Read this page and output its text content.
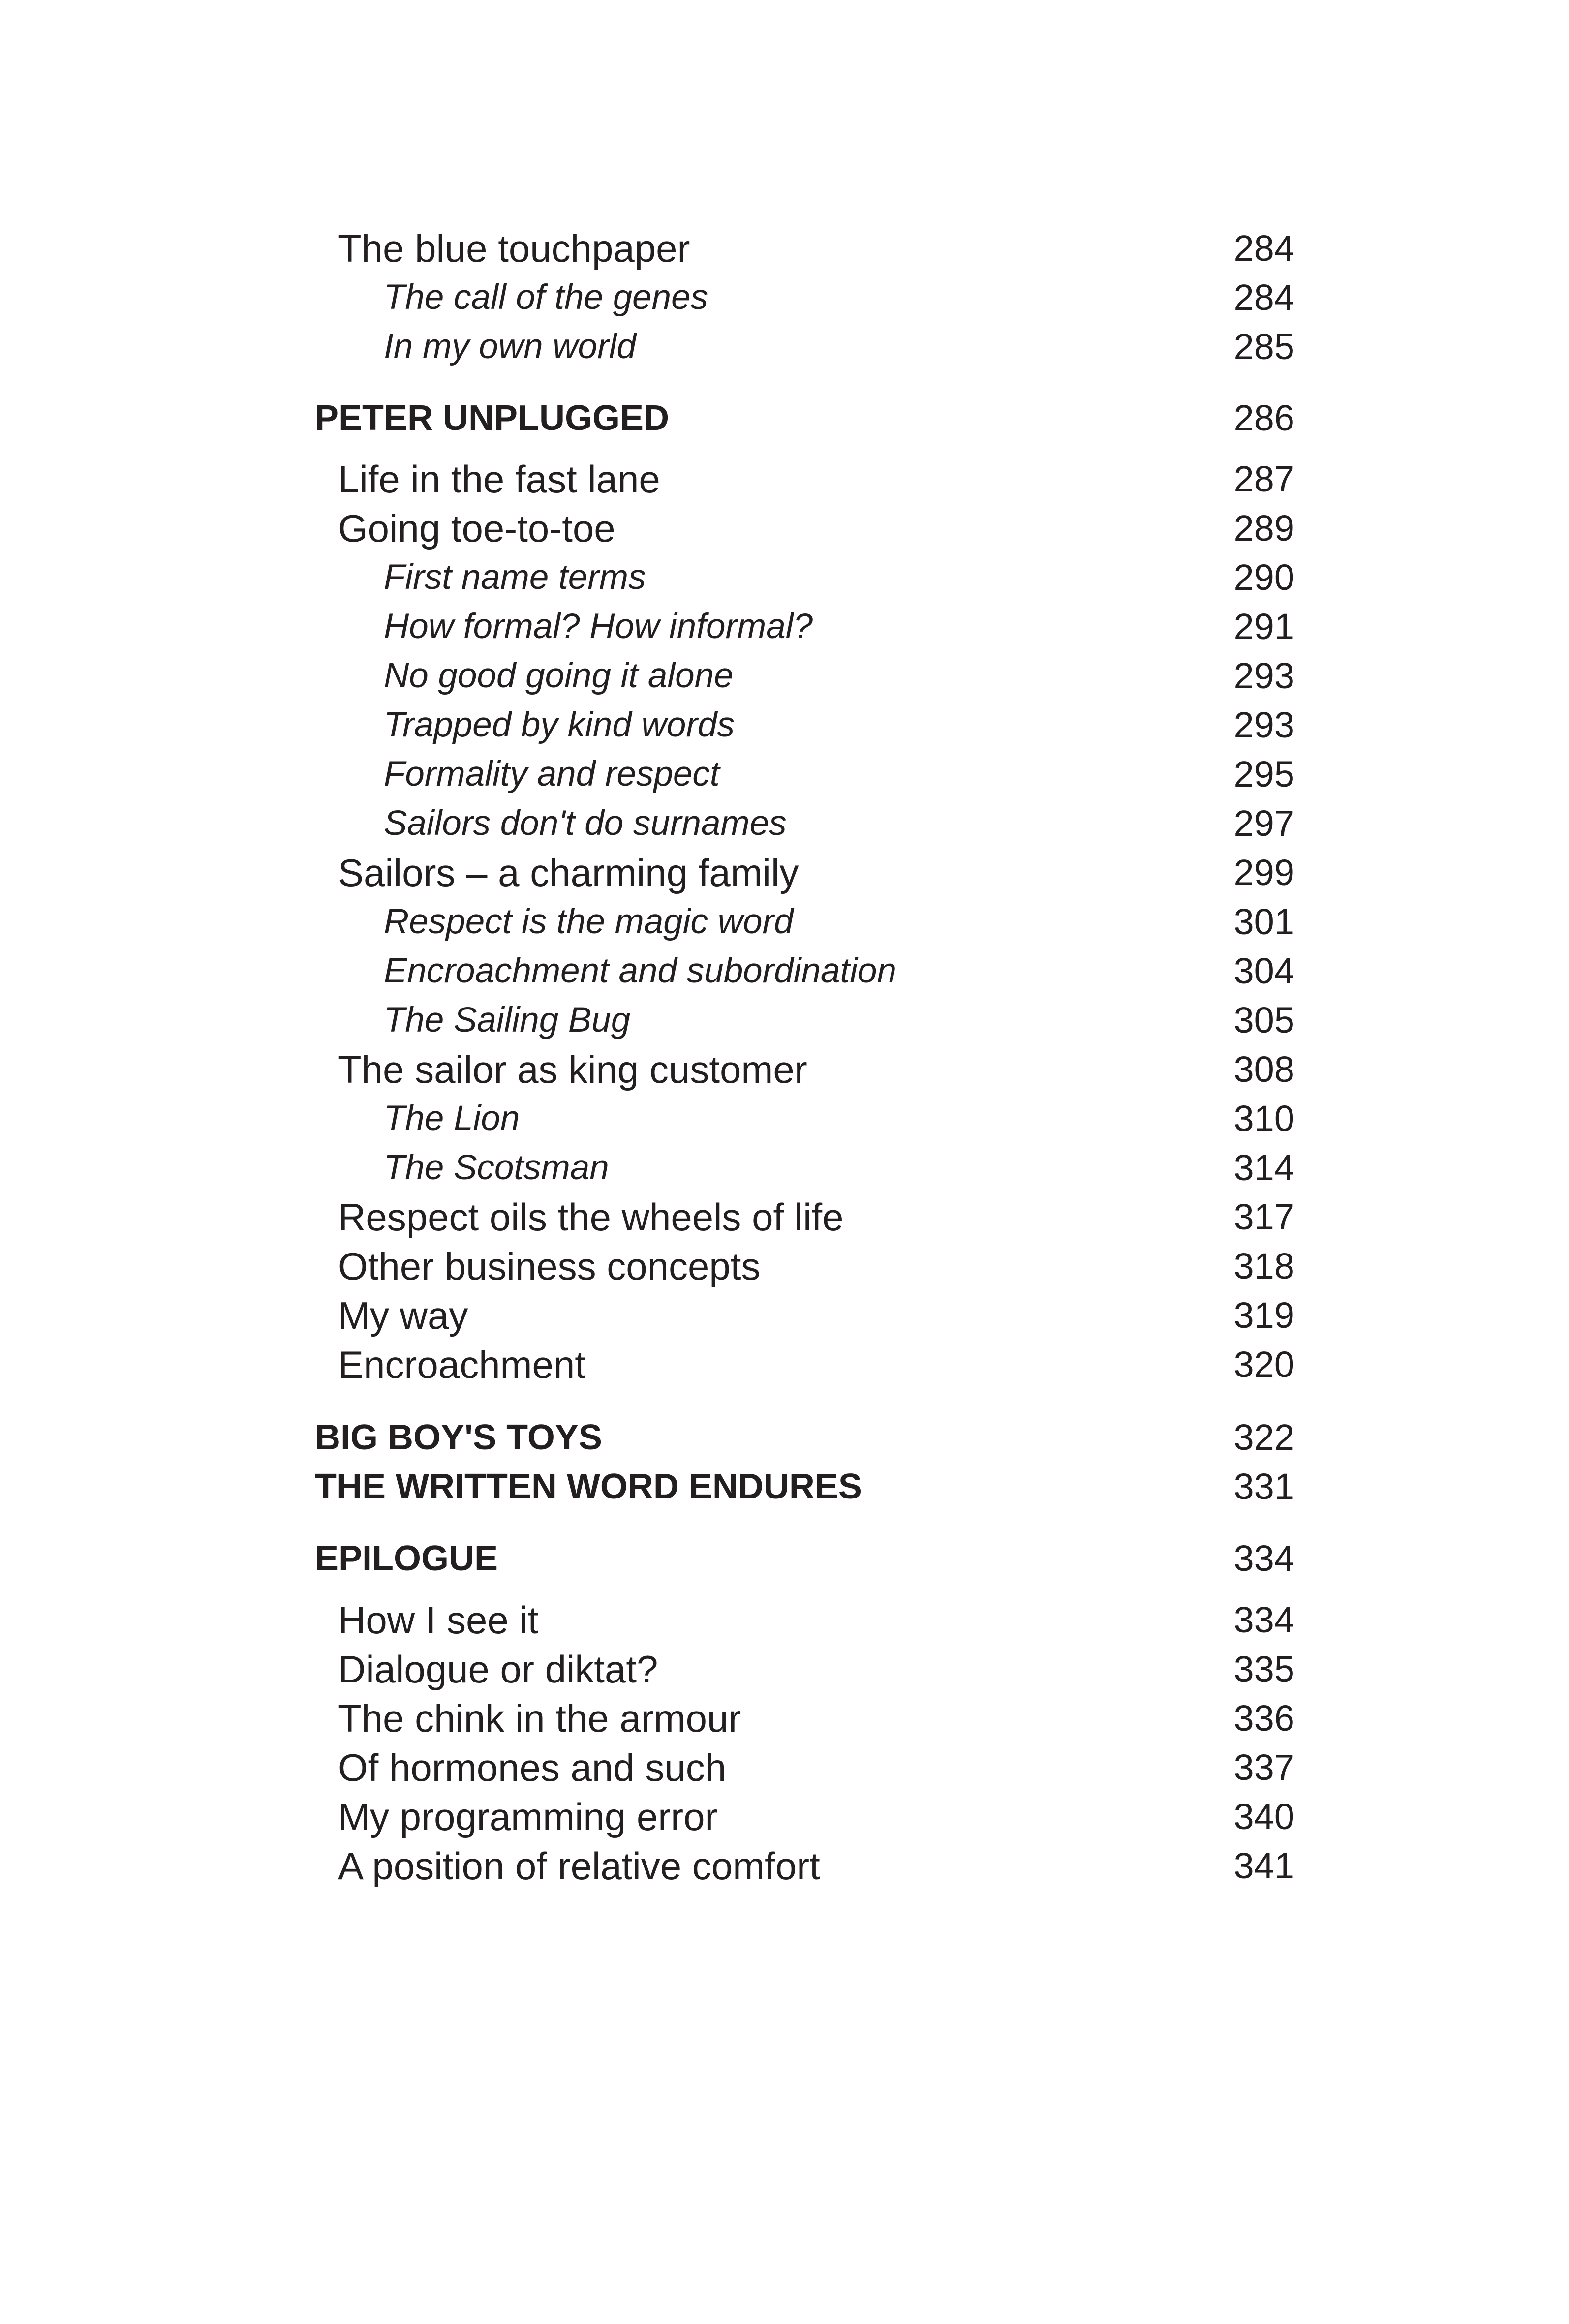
The blue touchpaper	284
The call of the genes	284
In my own world	285
PETER UNPLUGGED	286
Life in the fast lane	287
Going toe-to-toe	289
First name terms	290
How formal? How informal?	291
No good going it alone	293
Trapped by kind words	293
Formality and respect	295
Sailors don't do surnames	297
Sailors – a charming family	299
Respect is the magic word	301
Encroachment and subordination	304
The Sailing Bug	305
The sailor as king customer	308
The Lion	310
The Scotsman	314
Respect oils the wheels of life	317
Other business concepts	318
My way	319
Encroachment	320
BIG BOY'S TOYS	322
THE WRITTEN WORD ENDURES	331
EPILOGUE	334
How I see it	334
Dialogue or diktat?	335
The chink in the armour	336
Of hormones and such	337
My programming error	340
A position of relative comfort	341
